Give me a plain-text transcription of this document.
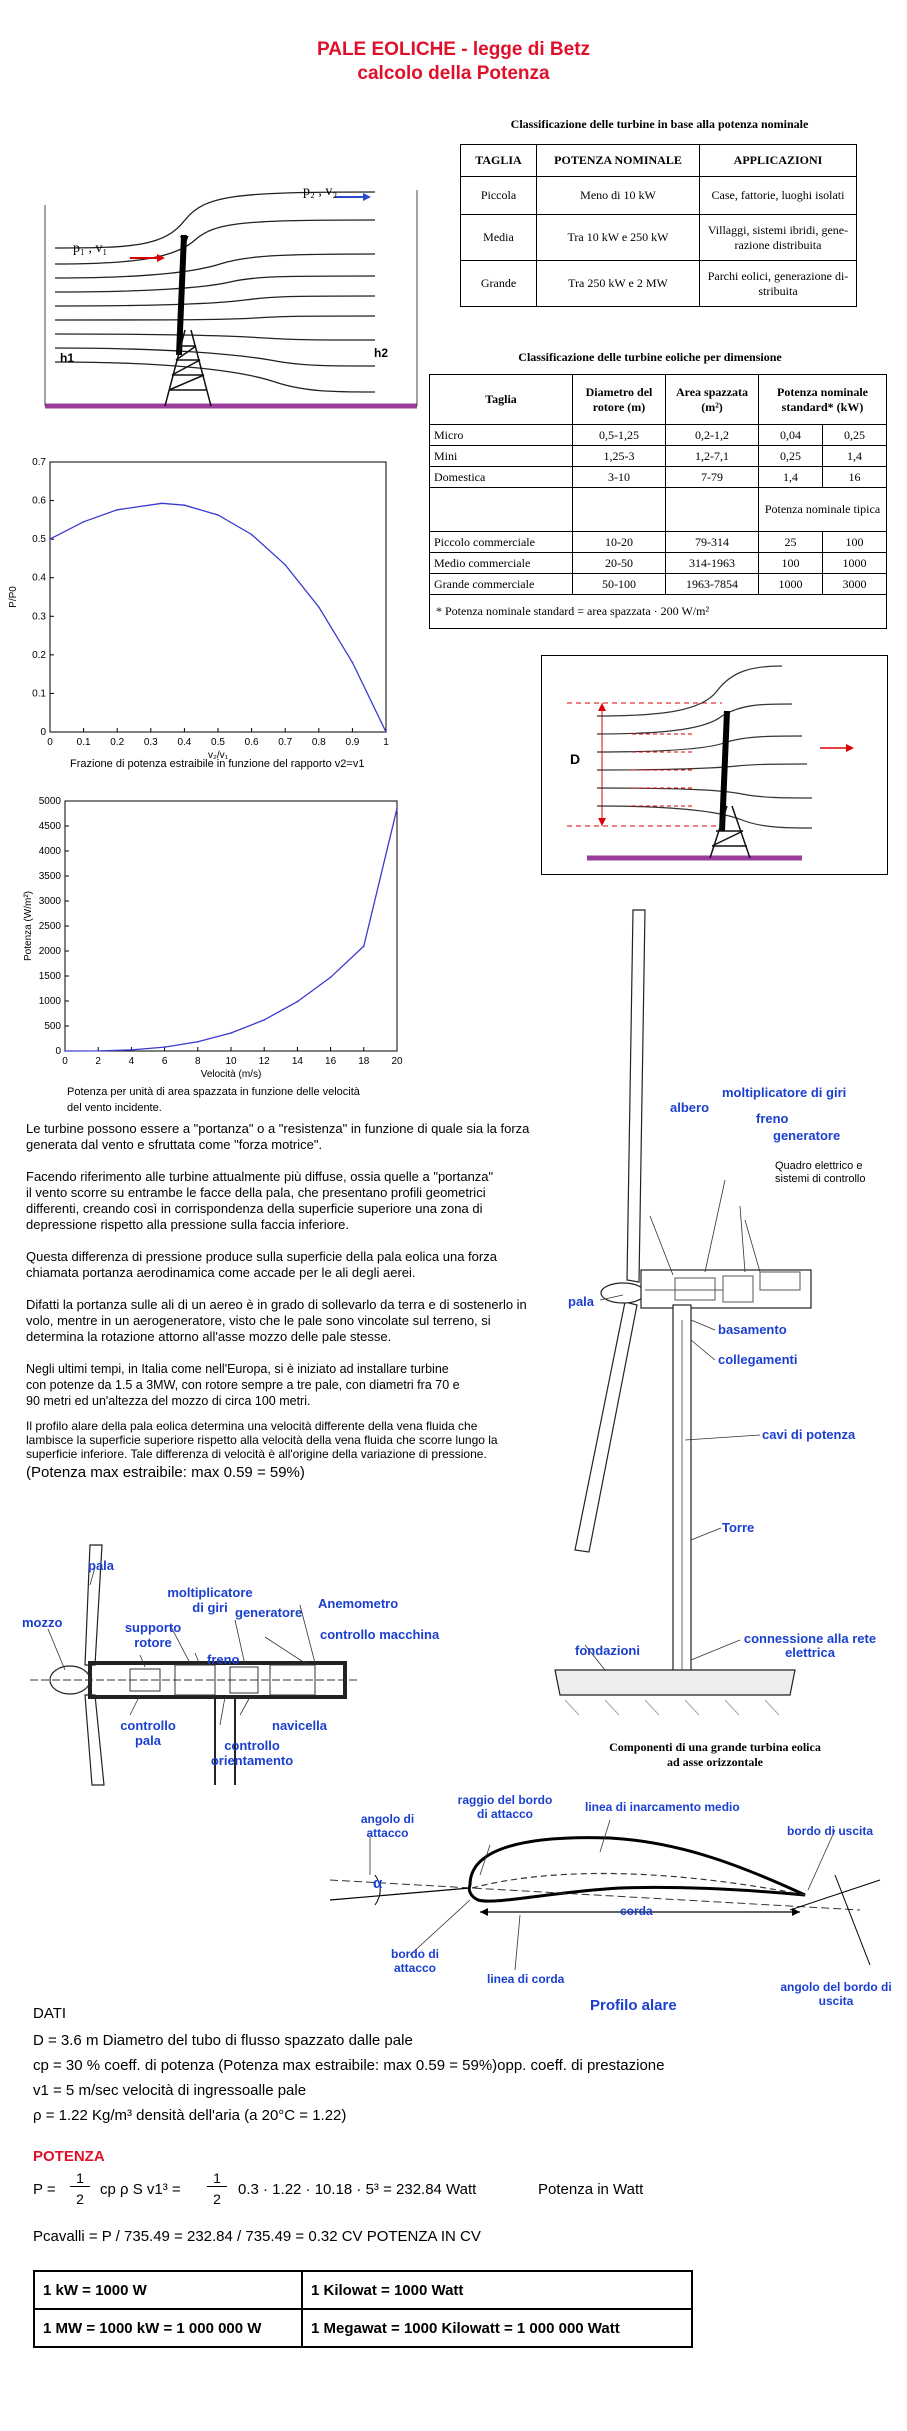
PALE EOLICHE - legge di Betz
calcolo della Potenza
Classificazione delle turbine in base alla potenza nominale
TAGLIA	POTENZA NOMINALE	APPLICAZIONI
Piccola	Meno di 10 kW	Case, fattorie, luoghi isolati
Media	Tra 10 kW e 250 kW	Villaggi, sistemi ibridi, gene-razione distribuita
Grande	Tra 250 kW e 2 MW	Parchi eolici, generazione di-stribuita
Classificazione delle turbine eoliche per dimensione
Taglia	Diametro del rotore (m)	Area spazzata (m²)	Potenza nominale standard* (kW)	
Micro	0,5-1,25	0,2-1,2	0,04	0,25
Mini	1,25-3	1,2-7,1	0,25	1,4
Domestica	3-10	7-79	1,4	16
			Potenza nominale tipica	
Piccolo commerciale	10-20	79-314	25	100
Medio commerciale	20-50	314-1963	100	1000
Grande commerciale	50-100	1963-7854	1000	3000
* Potenza nominale standard = area spazzata · 200 W/m²				
p₁ , v₁
V
p₂ , v₂
h1	h2
0 0.1 0.2 0.3 0.4 0.5 0.6 0.7 0.8 0.9 1
0
0.1
0.2
0.3
0.4
0.5
0.6
0.7
v₂/v₁
P/P0
Frazione di potenza estraibile in funzione del rapporto v2=v1
0	2	4	6	8 10 12 14 16 18 20
0
500
1000
1500
2000
2500
3000
3500
4000
4500
5000
Velocità (m/s)
Potenza (W/m²)
Potenza per unità di area spazzata in funzione delle velocità
del vento incidente.
D
Le turbine possono essere a "portanza" o a "resistenza" in funzione di quale sia la forza
generata dal vento e sfruttata come "forza motrice".
Facendo riferimento alle turbine attualmente più diffuse, ossia quelle a "portanza"
il vento scorre su entrambe le facce della pala, che presentano profili geometrici
differenti, creando così in corrispondenza della superficie superiore una zona di
depressione rispetto alla pressione sulla faccia inferiore.
Questa differenza di pressione produce sulla superficie della pala eolica una forza
chiamata portanza aerodinamica come accade per le ali degli aerei.
Difatti la portanza sulle ali di un aereo è in grado di sollevarlo da terra e di sostenerlo in
volo, mentre in un aerogeneratore, visto che le pale sono vincolate sul terreno, si
determina la rotazione attorno all'asse mozzo delle pale stesse.
Negli ultimi tempi, in Italia come nell'Europa, si è iniziato ad installare turbine
con potenze da 1.5 a 3MW, con rotore sempre a tre pale, con diametri fra 70 e
90 metri ed un'altezza del mozzo di circa 100 metri.
Il profilo alare della pala eolica determina una velocità differente della vena fluida che
lambisce la superficie superiore rispetto alla velocità della vena fluida che scorre lungo la
superficie inferiore. Tale differenza di velocità è all'origine della variazione di pressione.
(Potenza max estraibile: max 0.59 = 59%)
moltiplicatore di giri
freno
generatore
albero
Quadro elettrico e sistemi di controllo
pala
basamento
collegamenti
cavi di potenza
Torre
connessione alla rete elettrica
fondazioni
Componenti di una grande turbina eolica
ad asse orizzontale
pala
mozzo	supporto rotore
moltiplicatore di giri generatore
Anemometro
controllo macchina
freno
controllo pala
navicella
controllo orientamento
angolo di attacco
raggio del bordo di attacco	linea di inarcamento medio
bordo di uscita
α
corda
bordo di attacco
linea di corda
Profilo alare
angolo del bordo di uscita
DATI
D = 3.6 m Diametro del tubo di flusso spazzato dalle pale
cp = 30 % coeff. di potenza (Potenza max estraibile: max 0.59 = 59%)opp. coeff. di prestazione
v1 = 5 m/sec velocità di ingressoalle pale
ρ = 1.22 Kg/m³ densità dell'aria (a 20°C = 1.22)
POTENZA
P =
1
2
cp ρ S v1³ =
1
2
0.3 · 1.22 · 10.18 · 5³ = 232.84 Watt	Potenza in Watt
Pcavalli = P / 735.49 = 232.84 / 735.49 = 0.32 CV POTENZA IN CV
1 kW = 1000 W	1 Kilowat = 1000 Watt
1 MW = 1000 kW = 1 000 000 W	1 Megawat = 1000 Kilowatt = 1 000 000 Watt
